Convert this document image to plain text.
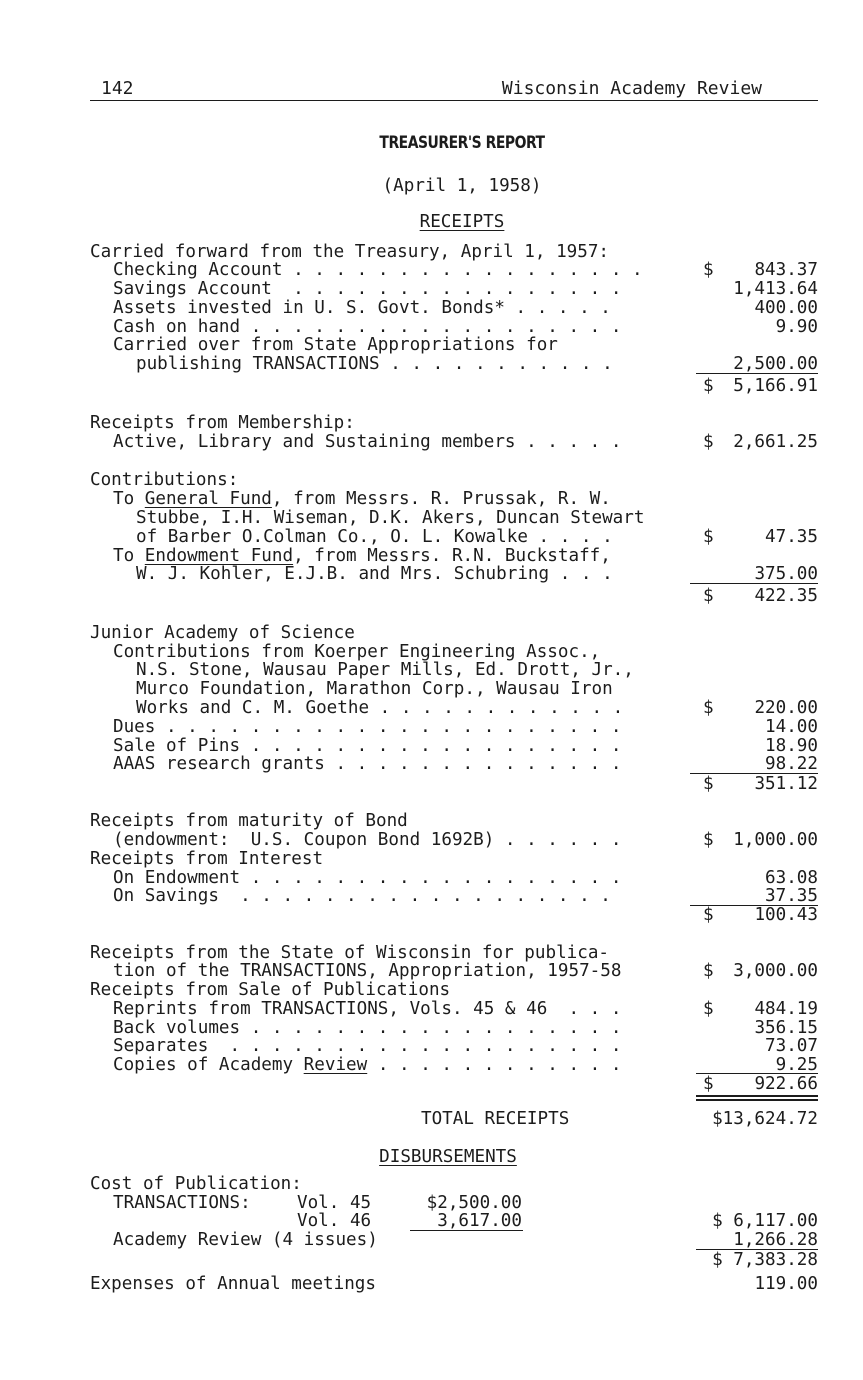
142	Wisconsin Academy Review
TREASURER'S REPORT
(April 1, 1958)
RECEIPTS
Carried forward from the Treasury, April 1, 1957:
Checking Account . . . . . . . . . . . . . . . . .	$	843.37
Savings Account  . . . . . . . . . . . . . . . .	1,413.64
Assets invested in U. S. Govt. Bonds* . . . . .	400.00
Cash on hand . . . . . . . . . . . . . . . . . .	9.90
Carried over from State Appropriations for
publishing TRANSACTIONS . . . . . . . . . . .	2,500.00
$	5,166.91
Receipts from Membership:
Active, Library and Sustaining members . . . . .	$	2,661.25
Contributions:
To General Fund, from Messrs. R. Prussak, R. W.
Stubbe, I.H. Wiseman, D.K. Akers, Duncan Stewart
of Barber O.Colman Co., O. L. Kowalke . . . .	$	47.35
To Endowment Fund, from Messrs. R.N. Buckstaff,
W. J. Kohler, E.J.B. and Mrs. Schubring . . .	375.00
$	422.35
Junior Academy of Science
Contributions from Koerper Engineering Assoc.,
N.S. Stone, Wausau Paper Mills, Ed. Drott, Jr.,
Murco Foundation, Marathon Corp., Wausau Iron
Works and C. M. Goethe . . . . . . . . . . . .	$	220.00
Dues . . . . . . . . . . . . . . . . . . . . . .	14.00
Sale of Pins . . . . . . . . . . . . . . . . . .	18.90
AAAS research grants . . . . . . . . . . . . . .	98.22
$	351.12
Receipts from maturity of Bond
(endowment:  U.S. Coupon Bond 1692B) . . . . . .	$	1,000.00
Receipts from Interest
On Endowment . . . . . . . . . . . . . . . . . .	63.08
On Savings  . . . . . . . . . . . . . . . . . .	37.35
$	100.43
Receipts from the State of Wisconsin for publica-
tion of the TRANSACTIONS, Appropriation, 1957-58	$	3,000.00
Receipts from Sale of Publications
Reprints from TRANSACTIONS, Vols. 45 & 46  . . .	$	484.19
Back volumes . . . . . . . . . . . . . . . . . .	356.15
Separates  . . . . . . . . . . . . . . . . . . .	73.07
Copies of Academy Review . . . . . . . . . . . .	9.25
$	922.66
TOTAL RECEIPTS	$13,624.72
DISBURSEMENTS
Cost of Publication:
TRANSACTIONS:	Vol. 45	$2,500.00
Vol. 46	3,617.00	$ 6,117.00
Academy Review (4 issues)	1,266.28
$ 7,383.28
Expenses of Annual meetings	119.00
